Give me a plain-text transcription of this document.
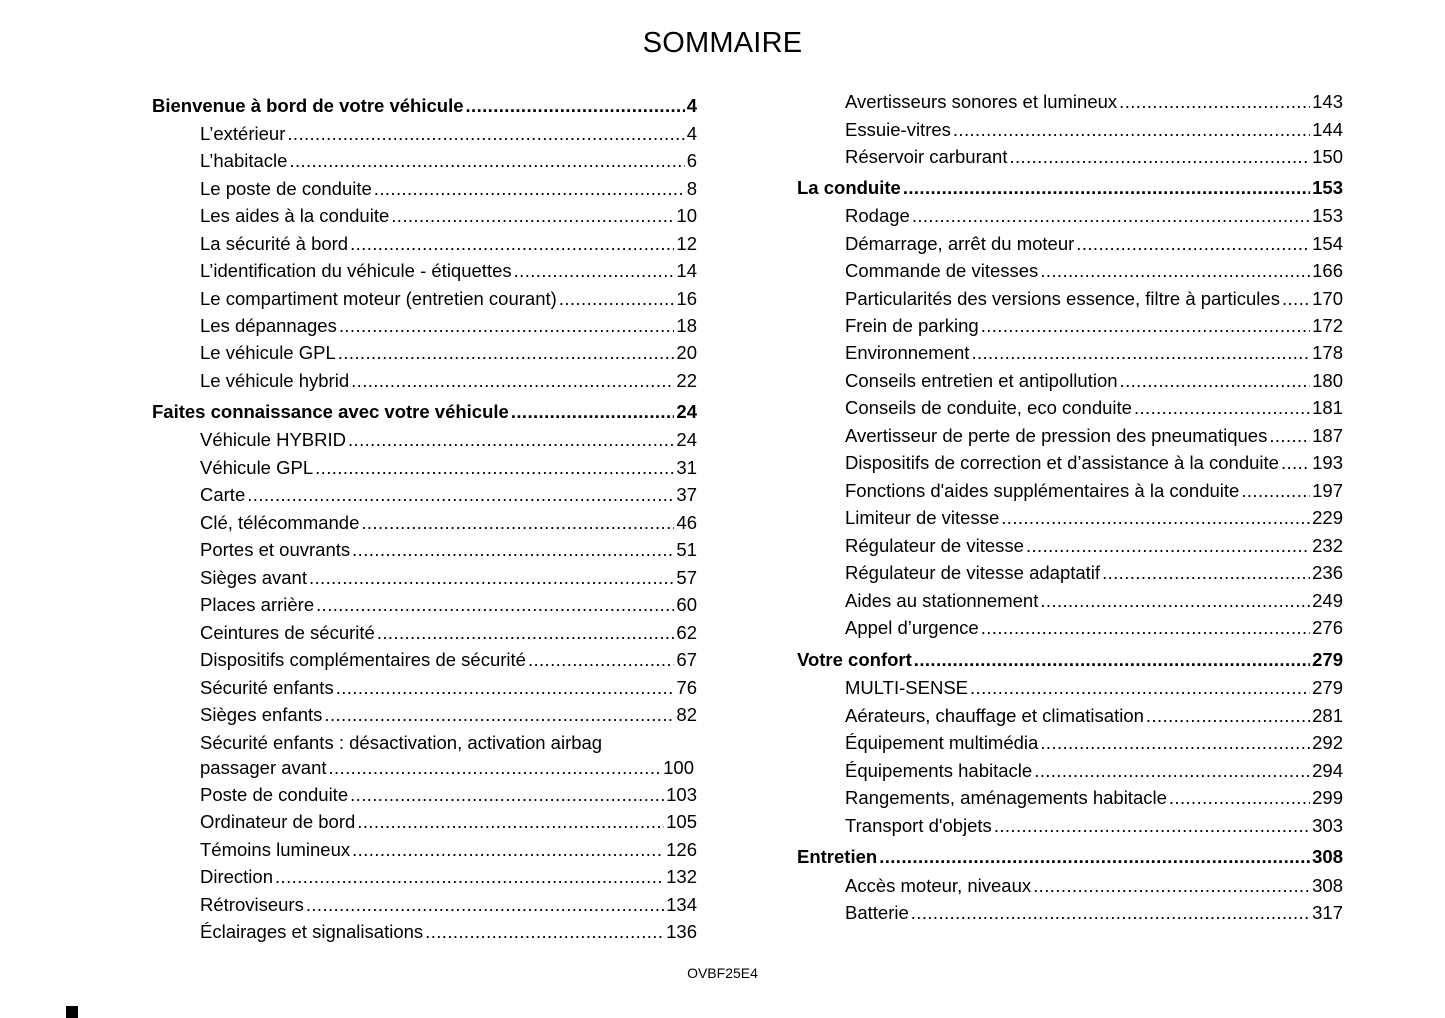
SOMMAIRE
Bienvenue à bord de votre véhicule .....	4
L’extérieur .....	4
L’habitacle .....	6
Le poste de conduite .....	8
Les aides à la conduite .....	10
La sécurité à bord .....	12
L’identification du véhicule - étiquettes .....	14
Le compartiment moteur (entretien courant) .....	16
Les dépannages .....	18
Le véhicule GPL .....	20
Le véhicule hybrid .....	22
Faites connaissance avec votre véhicule .....	24
Véhicule HYBRID .....	24
Véhicule GPL .....	31
Carte .....	37
Clé, télécommande .....	46
Portes et ouvrants .....	51
Sièges avant .....	57
Places arrière .....	60
Ceintures de sécurité .....	62
Dispositifs complémentaires de sécurité .....	67
Sécurité enfants .....	76
Sièges enfants .....	82
Sécurité enfants : désactivation, activation airbag
passager avant .....	100
Poste de conduite .....	103
Ordinateur de bord .....	105
Témoins lumineux .....	126
Direction .....	132
Rétroviseurs .....	134
Éclairages et signalisations .....	136
Avertisseurs sonores et lumineux .....	143
Essuie-vitres .....	144
Réservoir carburant .....	150
La conduite .....	153
Rodage .....	153
Démarrage, arrêt du moteur .....	154
Commande de vitesses .....	166
Particularités des versions essence, filtre à particules ..... 170
Frein de parking .....	172
Environnement .....	178
Conseils entretien et antipollution .....	180
Conseils de conduite, eco conduite .....	181
Avertisseur de perte de pression des pneumatiques ..... 187
Dispositifs de correction et d’assistance à la conduite ..... 193
Fonctions d'aides supplémentaires à la conduite .....	197
Limiteur de vitesse .....	229
Régulateur de vitesse .....	232
Régulateur de vitesse adaptatif .....	236
Aides au stationnement .....	249
Appel d’urgence .....	276
Votre confort .....	279
MULTI-SENSE .....	279
Aérateurs, chauffage et climatisation .....	281
Équipement multimédia .....	292
Équipements habitacle .....	294
Rangements, aménagements habitacle .....	299
Transport d'objets .....	303
Entretien .....	308
Accès moteur, niveaux .....	308
Batterie .....	317
OVBF25E4
